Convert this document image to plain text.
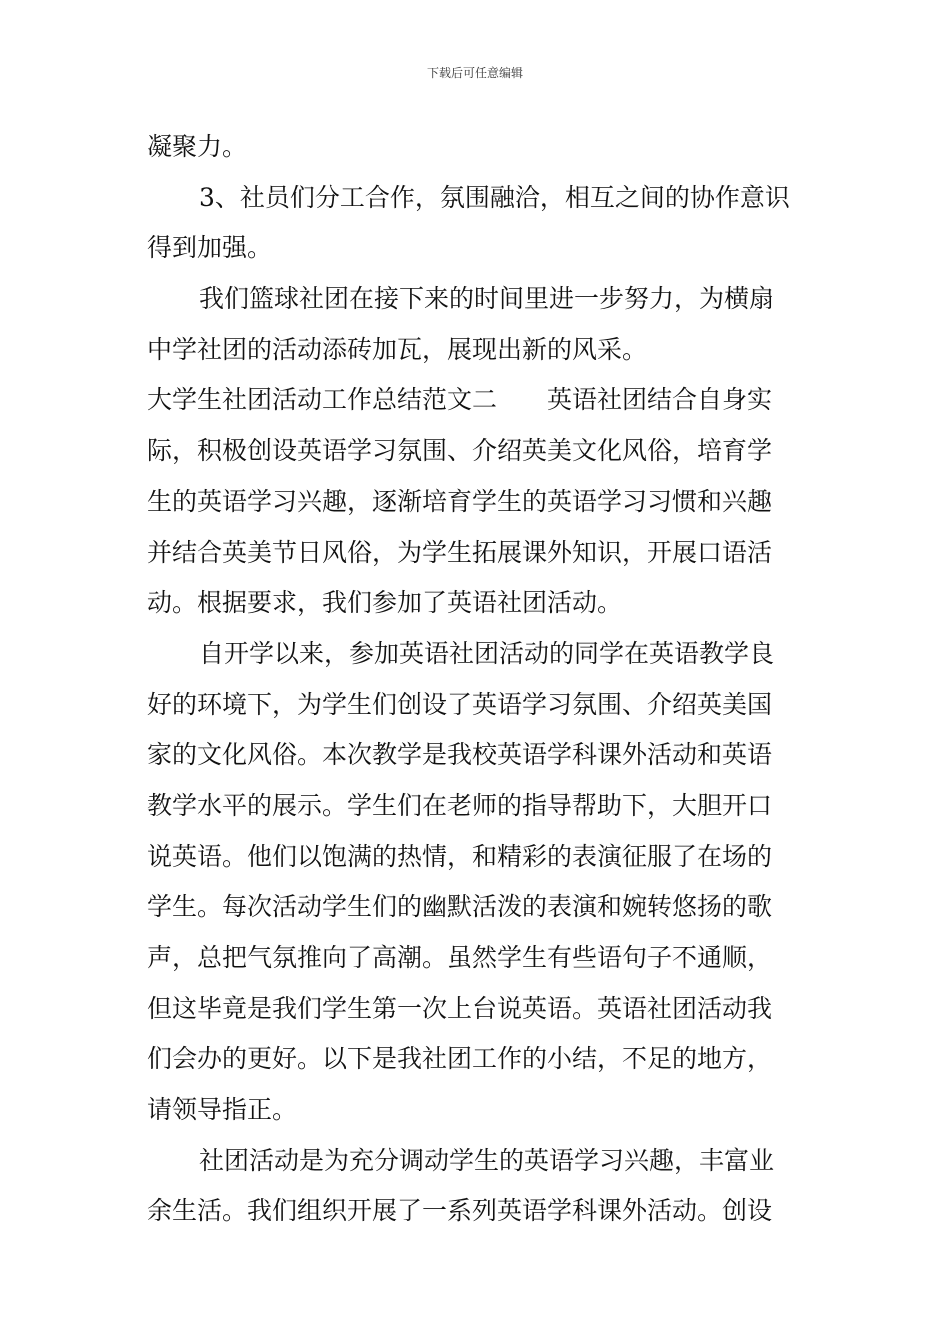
下载后可任意编辑
凝聚力。
3、社员们分工合作，氛围融洽，相互之间的协作意识
得到加强。
我们篮球社团在接下来的时间里进一步努力，为横扇
中学社团的活动添砖加瓦，展现出新的风采。
大学生社团活动工作总结范文二　　英语社团结合自身实
际，积极创设英语学习氛围、介绍英美文化风俗，培育学
生的英语学习兴趣，逐渐培育学生的英语学习习惯和兴趣
并结合英美节日风俗，为学生拓展课外知识，开展口语活
动。根据要求，我们参加了英语社团活动。
自开学以来，参加英语社团活动的同学在英语教学良
好的环境下，为学生们创设了英语学习氛围、介绍英美国
家的文化风俗。本次教学是我校英语学科课外活动和英语
教学水平的展示。学生们在老师的指导帮助下，大胆开口
说英语。他们以饱满的热情，和精彩的表演征服了在场的
学生。每次活动学生们的幽默活泼的表演和婉转悠扬的歌
声，总把气氛推向了高潮。虽然学生有些语句子不通顺，
但这毕竟是我们学生第一次上台说英语。英语社团活动我
们会办的更好。以下是我社团工作的小结，不足的地方，
请领导指正。
社团活动是为充分调动学生的英语学习兴趣，丰富业
余生活。我们组织开展了一系列英语学科课外活动。创设
